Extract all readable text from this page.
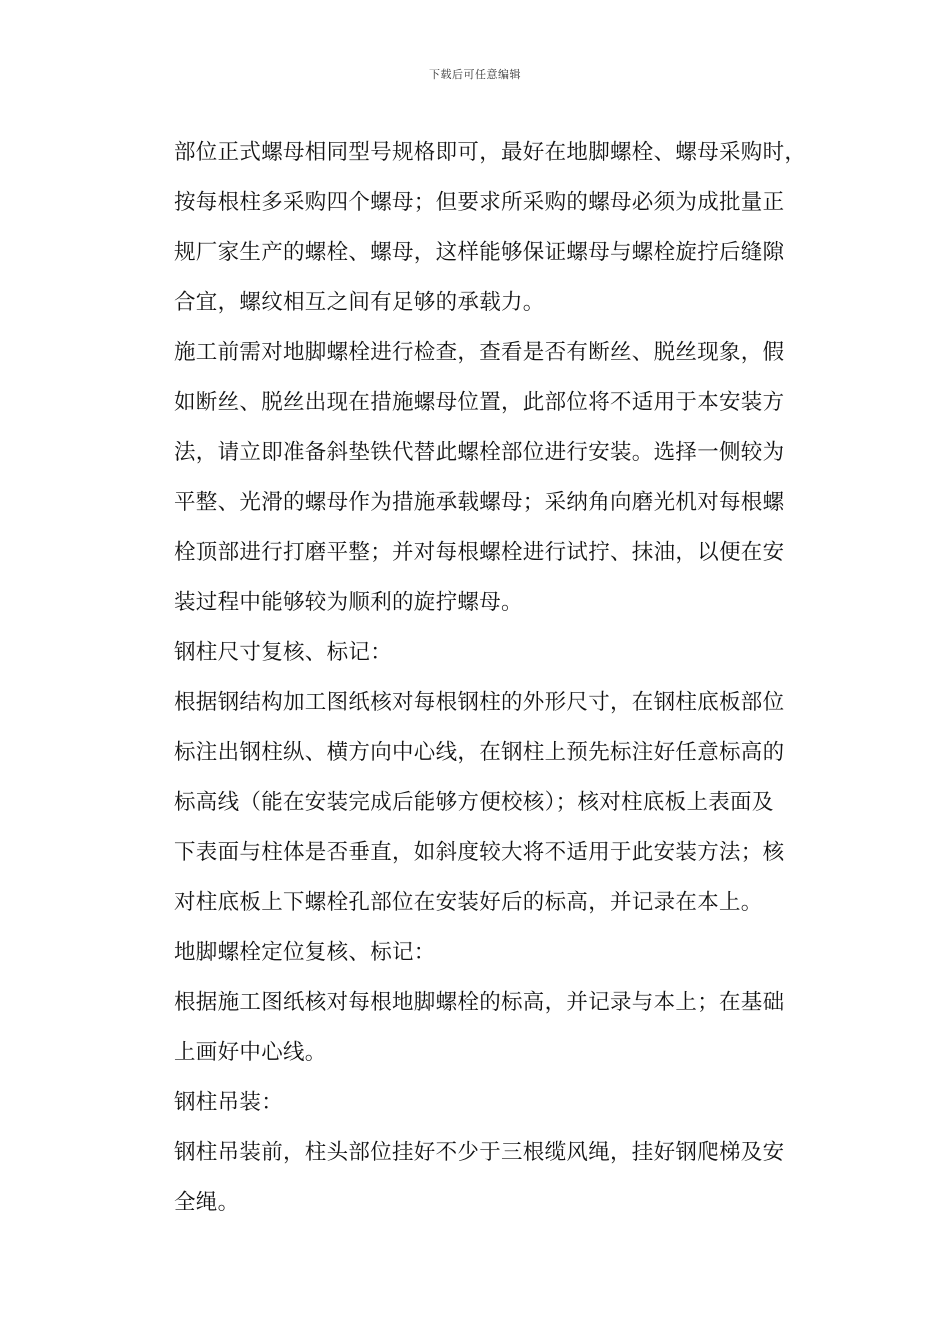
下载后可任意编辑
部位正式螺母相同型号规格即可，最好在地脚螺栓、螺母采购时，
按每根柱多采购四个螺母；但要求所采购的螺母必须为成批量正
规厂家生产的螺栓、螺母，这样能够保证螺母与螺栓旋拧后缝隙
合宜，螺纹相互之间有足够的承载力。
施工前需对地脚螺栓进行检查，查看是否有断丝、脱丝现象，假
如断丝、脱丝出现在措施螺母位置，此部位将不适用于本安装方
法，请立即准备斜垫铁代替此螺栓部位进行安装。选择一侧较为
平整、光滑的螺母作为措施承载螺母；采纳角向磨光机对每根螺
栓顶部进行打磨平整；并对每根螺栓进行试拧、抹油，以便在安
装过程中能够较为顺利的旋拧螺母。
钢柱尺寸复核、标记：
根据钢结构加工图纸核对每根钢柱的外形尺寸，在钢柱底板部位
标注出钢柱纵、横方向中心线，在钢柱上预先标注好任意标高的
标高线（能在安装完成后能够方便校核）；核对柱底板上表面及
下表面与柱体是否垂直，如斜度较大将不适用于此安装方法；核
对柱底板上下螺栓孔部位在安装好后的标高，并记录在本上。
地脚螺栓定位复核、标记：
根据施工图纸核对每根地脚螺栓的标高，并记录与本上；在基础
上画好中心线。
钢柱吊装：
钢柱吊装前，柱头部位挂好不少于三根缆风绳，挂好钢爬梯及安
全绳。
